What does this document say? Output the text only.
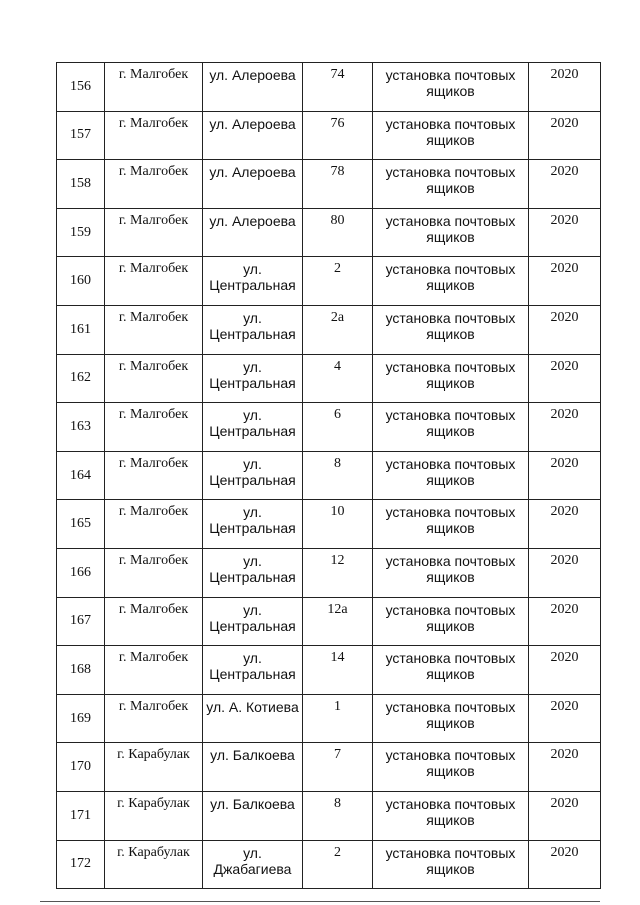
156	г. Малгобек	ул. Алероева	74	установка почтовых ящиков	2020
157	г. Малгобек	ул. Алероева	76	установка почтовых ящиков	2020
158	г. Малгобек	ул. Алероева	78	установка почтовых ящиков	2020
159	г. Малгобек	ул. Алероева	80	установка почтовых ящиков	2020
160	г. Малгобек	ул. Центральная	2	установка почтовых ящиков	2020
161	г. Малгобек	ул. Центральная	2а	установка почтовых ящиков	2020
162	г. Малгобек	ул. Центральная	4	установка почтовых ящиков	2020
163	г. Малгобек	ул. Центральная	6	установка почтовых ящиков	2020
164	г. Малгобек	ул. Центральная	8	установка почтовых ящиков	2020
165	г. Малгобек	ул. Центральная	10	установка почтовых ящиков	2020
166	г. Малгобек	ул. Центральная	12	установка почтовых ящиков	2020
167	г. Малгобек	ул. Центральная	12а	установка почтовых ящиков	2020
168	г. Малгобек	ул. Центральная	14	установка почтовых ящиков	2020
169	г. Малгобек	ул. А. Котиева	1	установка почтовых ящиков	2020
170	г. Карабулак	ул. Балкоева	7	установка почтовых ящиков	2020
171	г. Карабулак	ул. Балкоева	8	установка почтовых ящиков	2020
172	г. Карабулак	ул. Джабагиева	2	установка почтовых ящиков	2020
